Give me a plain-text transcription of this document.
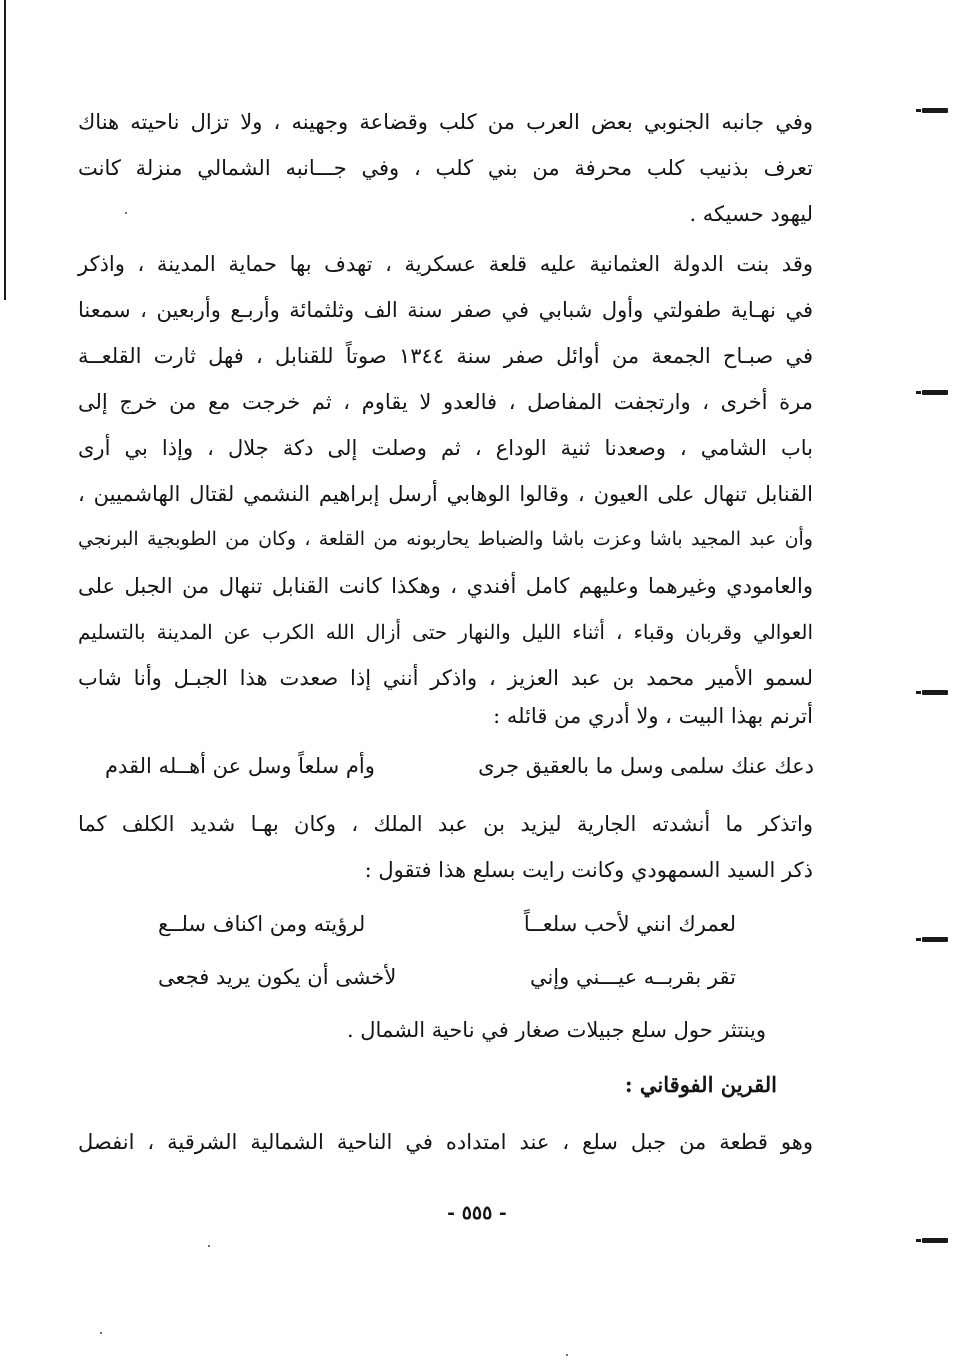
وفي جانبه الجنوبي بعض العرب من كلب وقضاعة وجهينه ، ولا تزال ناحيته هناك
تعرف بذنيب كلب محرفة من بني كلب ، وفي جـــانبه الشمالي منزلة كانت
ليهود حسيكه .
وقد بنت الدولة العثمانية عليه قلعة عسكرية ، تهدف بها حماية المدينة ، واذكر
في نهـاية طفولتي وأول شبابي في صفر سنة الف وثلثمائة وأربـع وأربعين ، سمعنا
في صبـاح الجمعة من أوائل صفر سنة ١٣٤٤ صوتاً للقنابل ، فهل ثارت القلعــة
مرة أخرى ، وارتجفت المفاصل ، فالعدو لا يقاوم ، ثم خرجت مع من خرج إلى
باب الشامي ، وصعدنا ثنية الوداع ، ثم وصلت إلى دكة جلال ، وإذا بي أرى
القنابل تنهال على العيون ، وقالوا الوهابي أرسل إبراهيم النشمي لقتال الهاشميين ،
وأن عبد المجيد باشا وعزت باشا والضباط يحاربونه من القلعة ، وكان من الطوبجية البرنجي
والعامودي وغيرهما وعليهم كامل أفندي ، وهكذا كانت القنابل تنهال من الجبل على
العوالي وقربان وقباء ، أثناء الليل والنهار حتى أزال الله الكرب عن المدينة بالتسليم
لسمو الأمير محمد بن عبد العزيز ، واذكر أنني إذا صعدت هذا الجبـل وأنا شاب
أترنم بهذا البيت ، ولا أدري من قائله :
دعك عنك سلمى وسل ما بالعقيق جرى
وأم سلعاً وسل عن أهــله القدم
واتذكر ما أنشدته الجارية ليزيد بن عبد الملك ، وكان بهـا شديد الكلف كما
ذكر السيد السمهودي وكانت رايت بسلع هذا فتقول :
لعمرك انني لأحب سلعــاً
لرؤيته ومن اكناف سلــع
تقر بقربــه عيـــني وإني
لأخشى أن يكون يريد فجعى
وينتثر حول سلع جبيلات صغار في ناحية الشمال .
القرين الفوقاني :
وهو قطعة من جبل سلع ، عند امتداده في الناحية الشمالية الشرقية ، انفصل
- ٥٥٥ -
